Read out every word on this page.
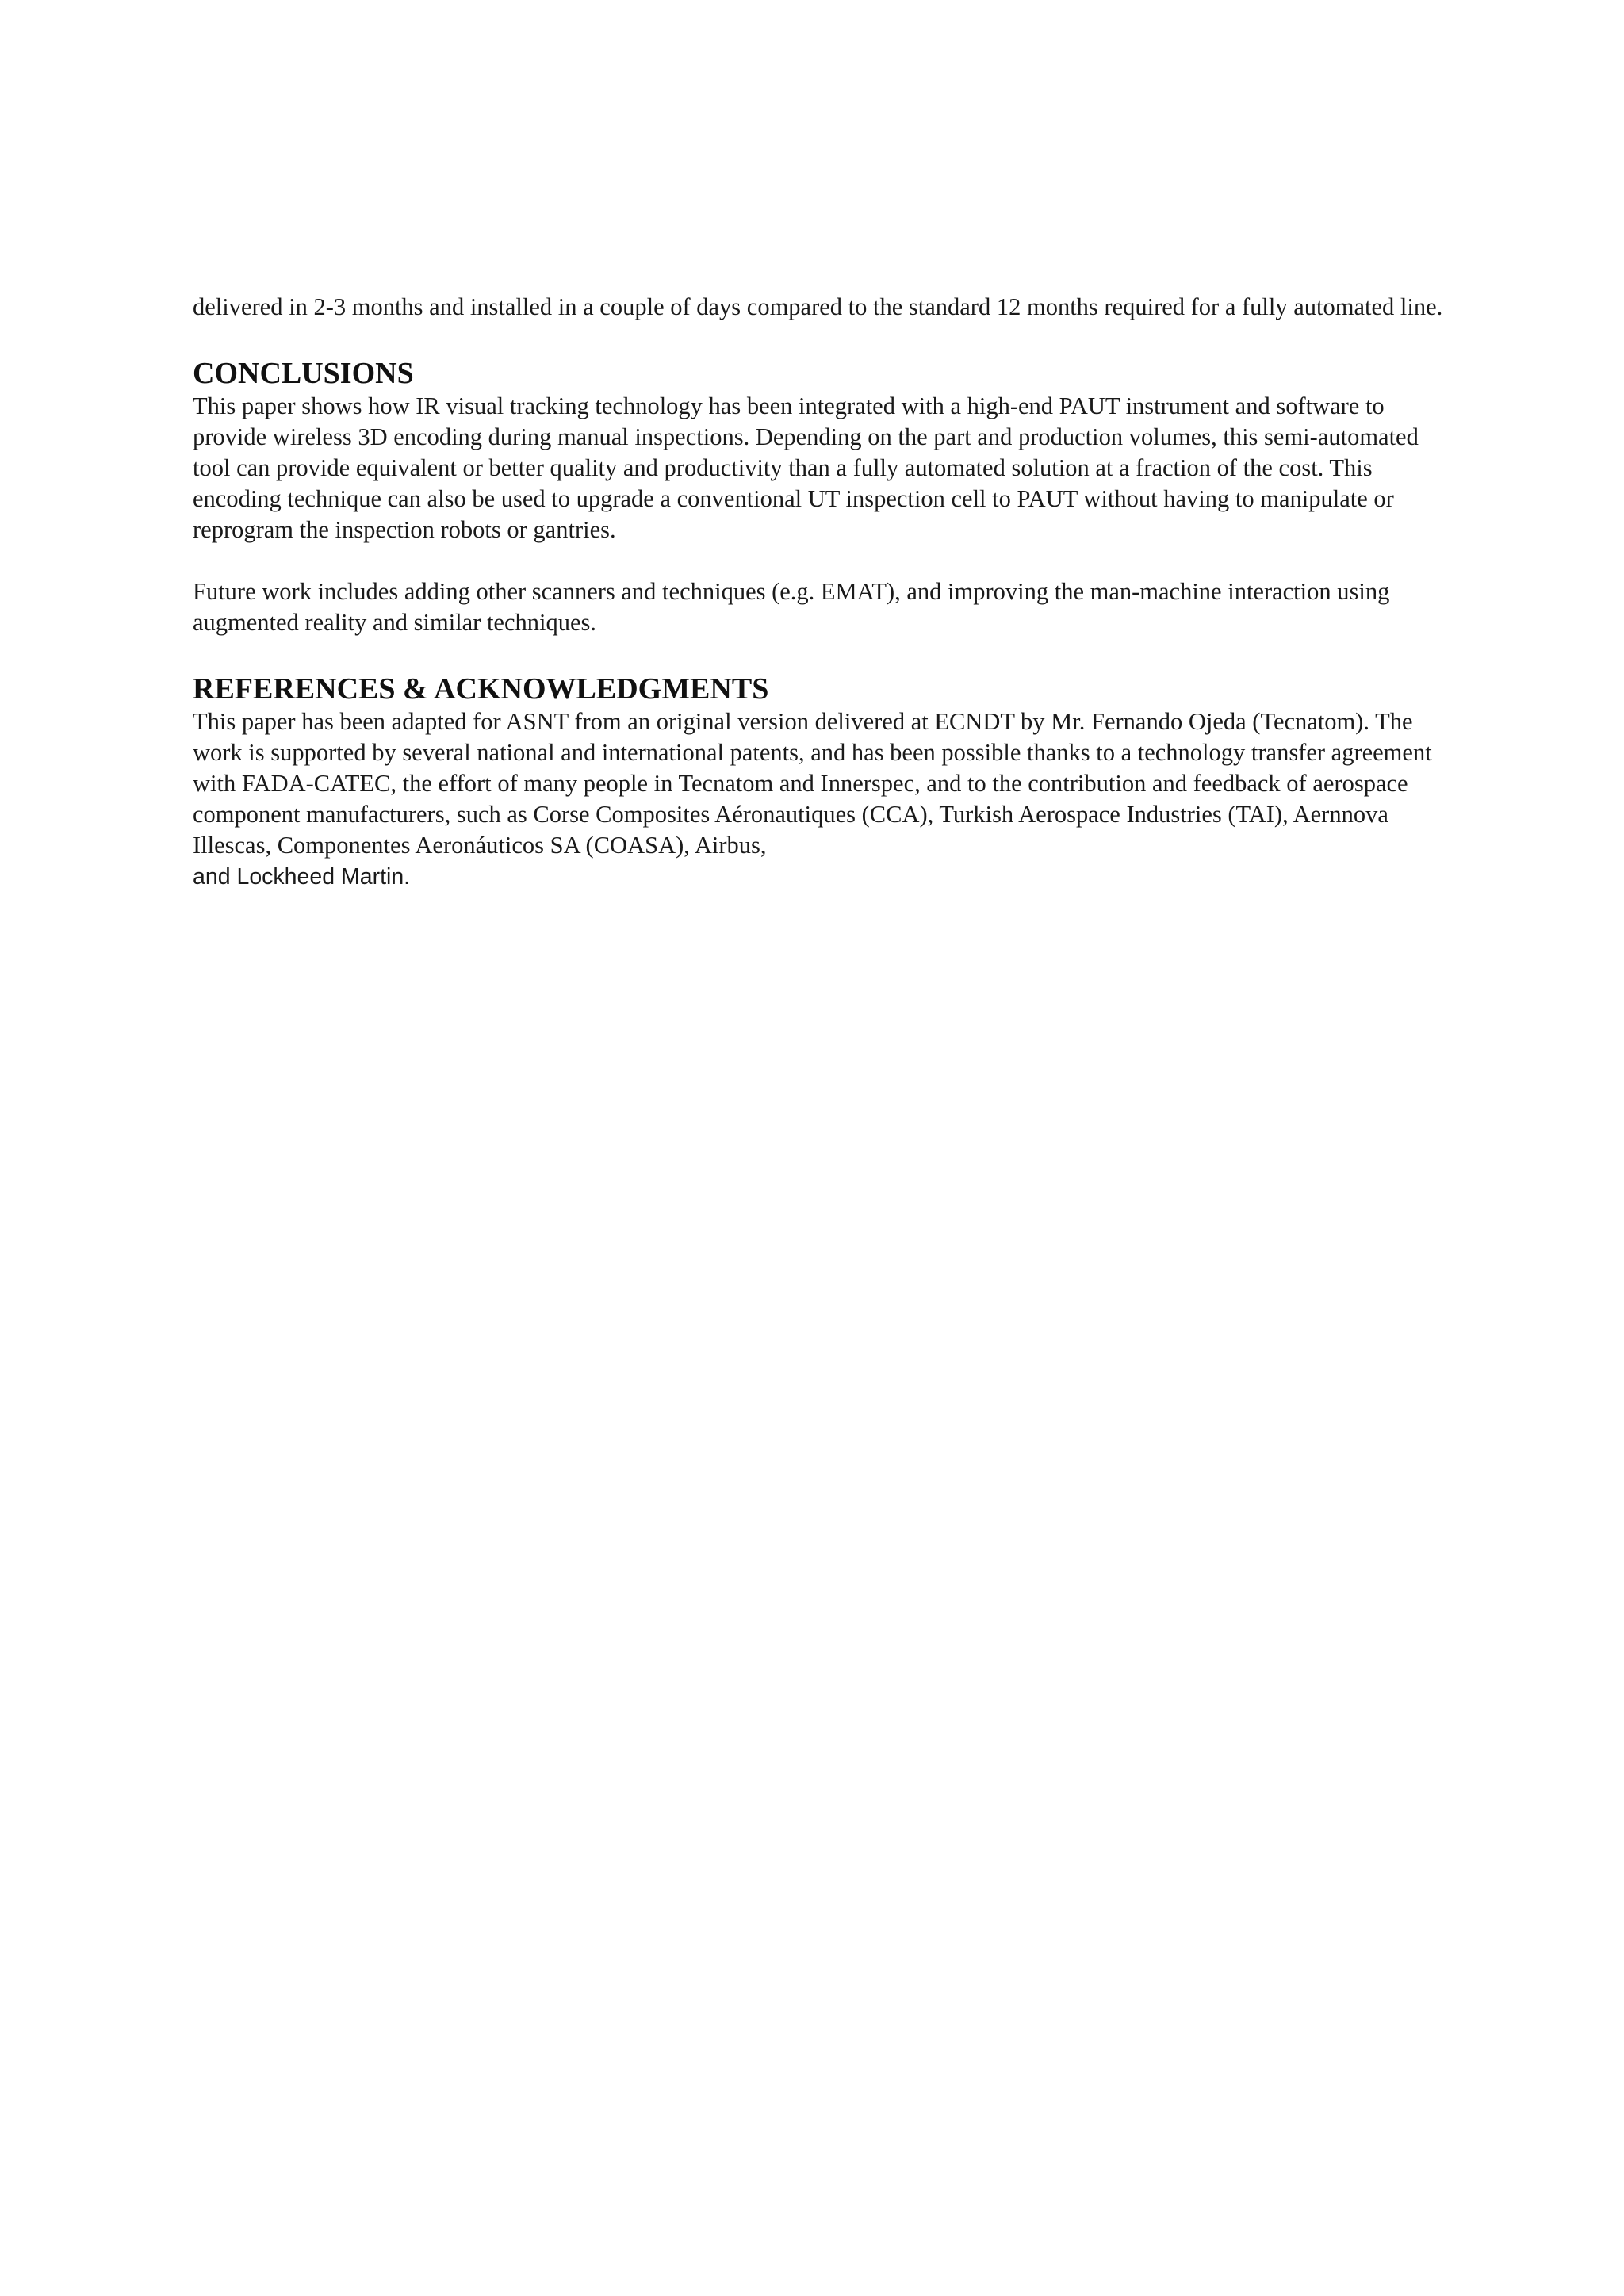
delivered in 2-3 months and installed in a couple of days compared to the standard 12 months required for a fully automated line.

CONCLUSIONS

This paper shows how IR visual tracking technology has been integrated with a high-end PAUT instrument and software to provide wireless 3D encoding during manual inspections. Depending on the part and production volumes, this semi-automated tool can provide equivalent or better quality and productivity than a fully automated solution at a fraction of the cost. This encoding technique can also be used to upgrade a conventional UT inspection cell to PAUT without having to manipulate or reprogram the inspection robots or gantries.

Future work includes adding other scanners and techniques (e.g. EMAT), and improving the man-machine interaction using augmented reality and similar techniques.

REFERENCES & ACKNOWLEDGMENTS

This paper has been adapted for ASNT from an original version delivered at ECNDT by Mr. Fernando Ojeda (Tecnatom). The work is supported by several national and international patents, and has been possible thanks to a technology transfer agreement with FADA-CATEC, the effort of many people in Tecnatom and Innerspec, and to the contribution and feedback of aerospace component manufacturers, such as Corse Composites Aéronautiques (CCA), Turkish Aerospace Industries (TAI), Aernnova Illescas, Componentes Aeronáuticos SA (COASA), Airbus,
and Lockheed Martin.
